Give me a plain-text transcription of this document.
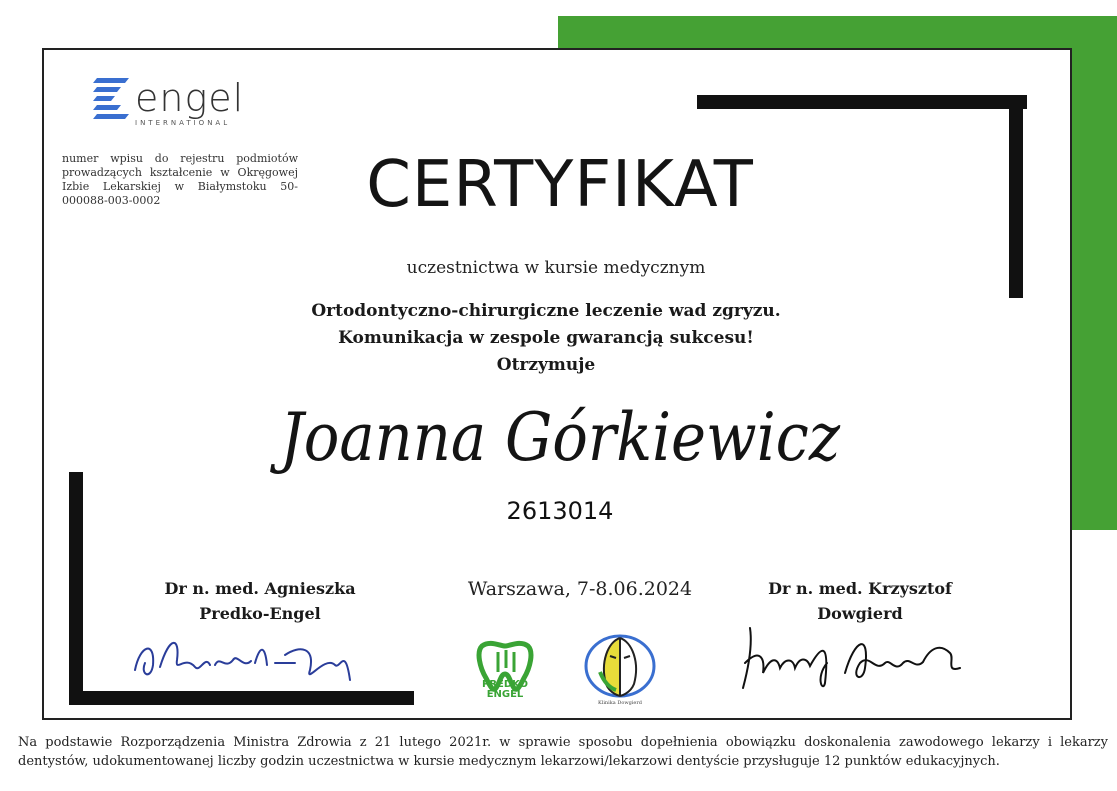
engel
INTERNATIONAL
numer wpisu do rejestru podmiotów prowadzących kształcenie w Okręgowej Izbie Lekarskiej w Białymstoku 50-000088-003-0002	CERTYFIKAT
uczestnictwa w kursie medycznym
Ortodontyczno-chirurgiczne leczenie wad zgryzu.
Komunikacja w zespole gwarancją sukcesu!
Otrzymuje
Joanna Górkiewicz
2613014
Dr n. med. Agnieszka
Predko-Engel
Warszawa, 7-8.06.2024	Dr n. med. Krzysztof
Dowgierd
PREDKO
ENGEL
Klinika Dowgierd
Na podstawie Rozporządzenia Ministra Zdrowia z 21 lutego 2021r. w sprawie sposobu dopełnienia obowiązku doskonalenia zawodowego lekarzy i lekarzy dentystów, udokumentowanej liczby godzin uczestnictwa w kursie medycznym lekarzowi/lekarzowi dentyście przysługuje 12 punktów edukacyjnych.
